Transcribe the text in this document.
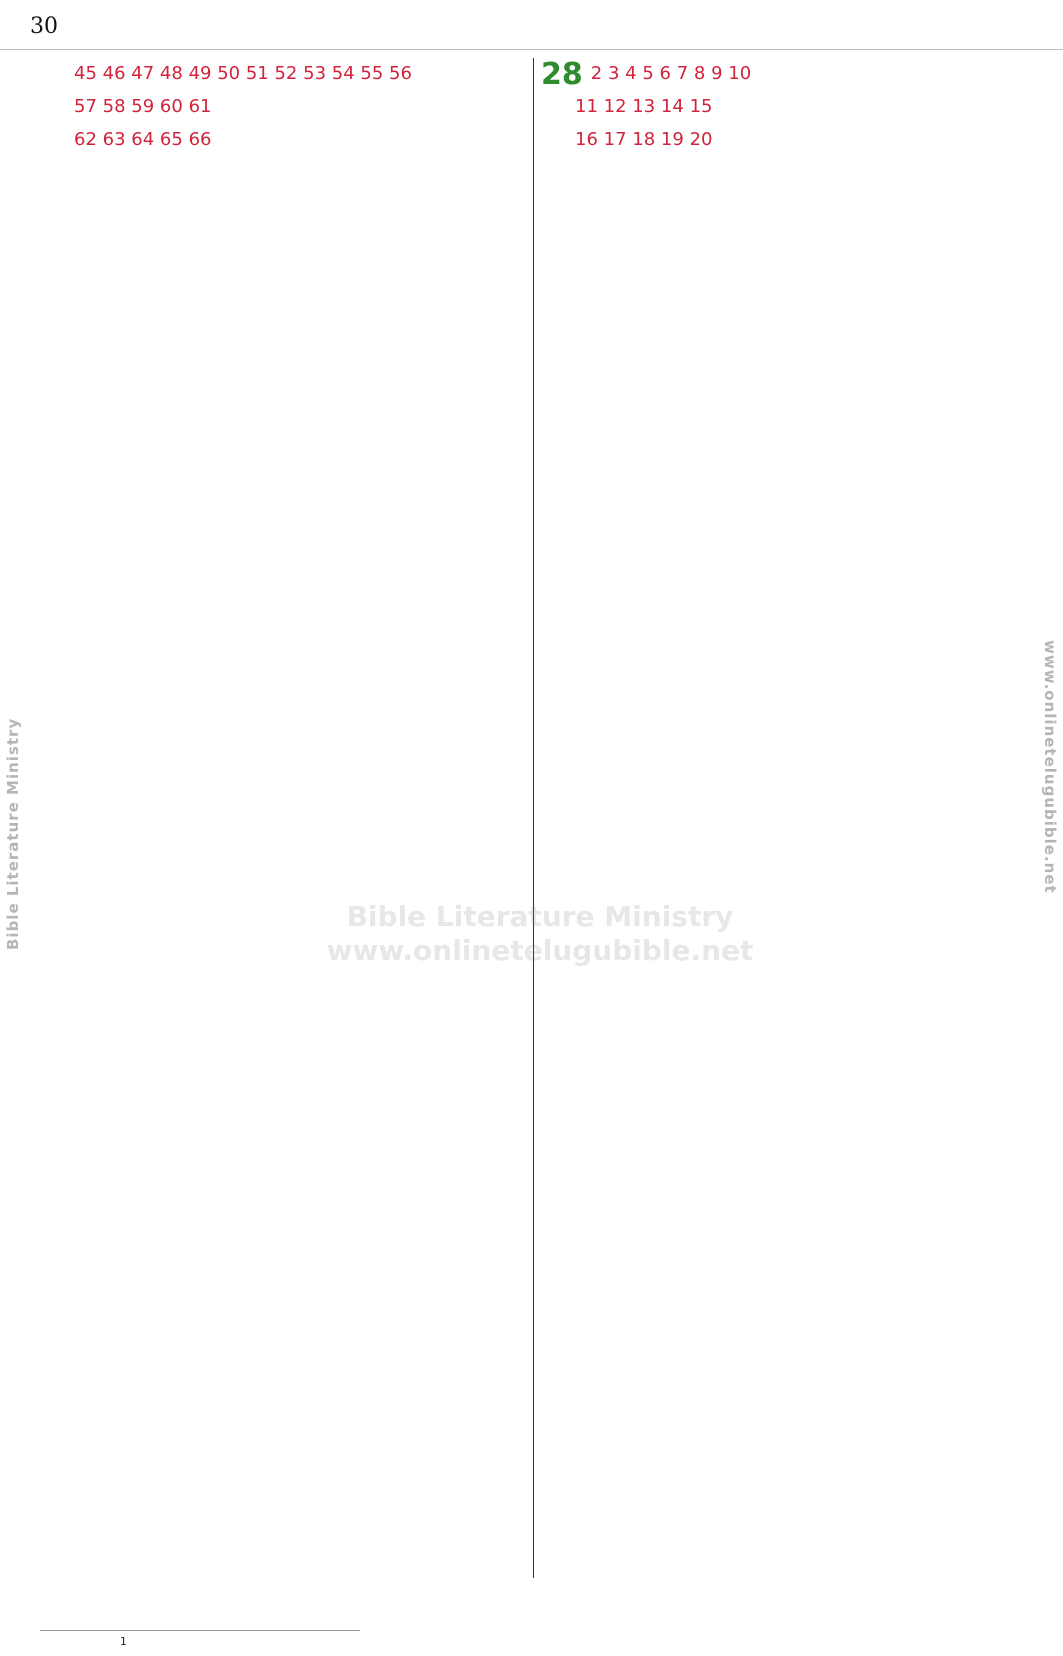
30

45 46 47 48 49 50 51 52 53 54 55 56

57 58 59 60 61

62 63 64 65 66

28 2 3 4 5 6 7 8 9 10

11 12 13 14 15

16 17 18 19 20

$^1$
Bible Literature Ministry	www.onlinetelugubible.net
Bible Literature Ministry
www.onlinetelugubible.net
